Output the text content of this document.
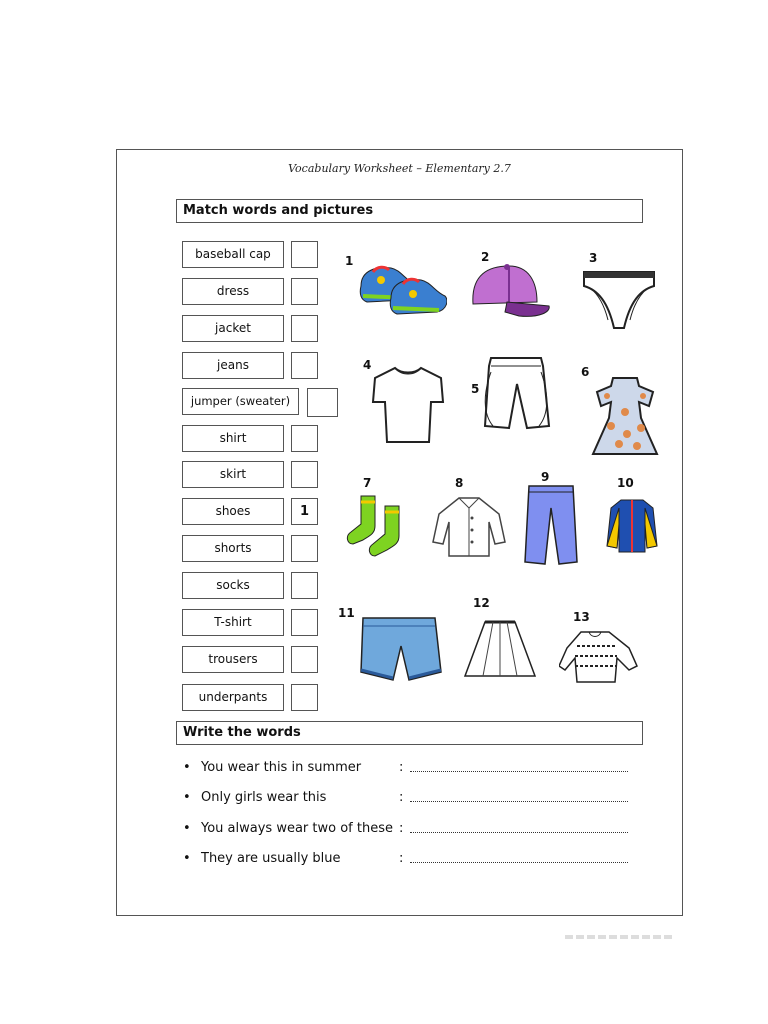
Vocabulary Worksheet – Elementary 2.7
Match words and pictures
baseball cap
dress
jacket
jeans
jumper (sweater)
shirt
skirt
shoes	1
shorts
socks
T-shirt
trousers
underpants
1	2	3
4
5
6
7	8	9	10
11
12
13
Write the words
• You wear this in summer	:
• Only girls wear this	:
• You always wear two of these :
• They are usually blue	:
